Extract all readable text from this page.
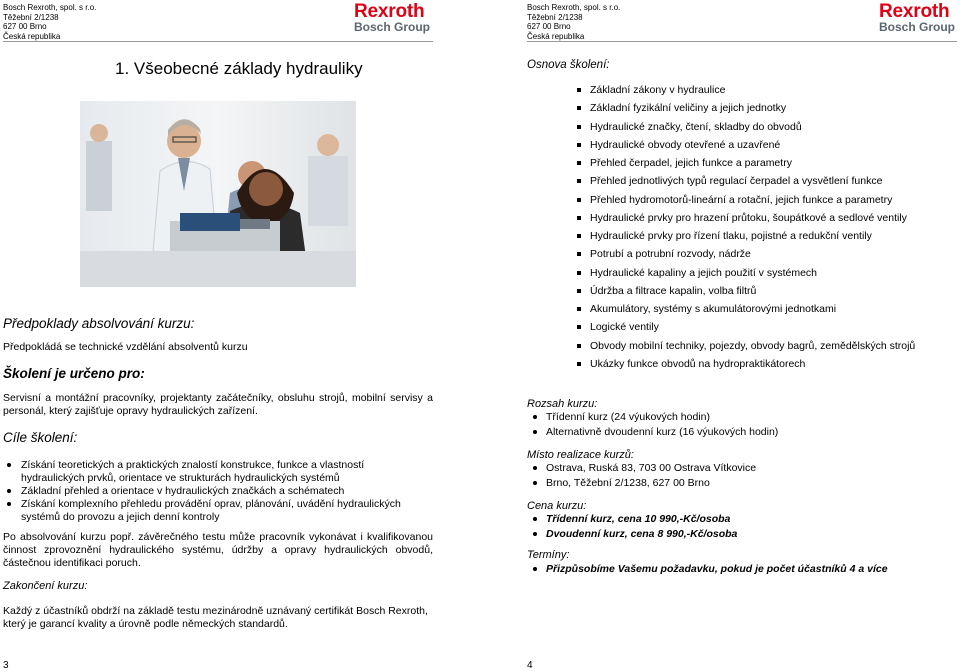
Bosch Rexroth, spol. s r.o.
Těžební 2/1238
627 00 Brno
Česká republika
Rexroth
Bosch Group
1. Všeobecné základy hydrauliky
Předpoklady absolvování kurzu:
Předpokládá se technické vzdělání absolventů kurzu
Školení je určeno pro:
Servisní a montážní pracovníky, projektanty začátečníky, obsluhu strojů, mobilní servisy a personál, který zajišťuje opravy hydraulických zařízení.
Cíle školení:
Získání teoretických a praktických znalostí konstrukce, funkce a vlastností hydraulických prvků, orientace ve strukturách hydraulických systémů
Základní přehled a orientace v hydraulických značkách a schématech
Získání komplexního přehledu provádění oprav, plánování, uvádění hydraulických systémů do provozu a jejich denní kontroly
Po absolvování kurzu popř. závěrečného testu může pracovník vykonávat i kvalifikovanou činnost zprovoznění hydraulického systému, údržby a opravy hydraulických obvodů, částečnou identifikaci poruch.
Zakončení kurzu:
Každý z účastníků obdrží na základě testu mezinárodně uznávaný certifikát Bosch Rexroth, který je garancí kvality a úrovně podle německých standardů.
3
Bosch Rexroth, spol. s r.o.
Těžební 2/1238
627 00 Brno
Česká republika
Rexroth
Bosch Group
Osnova školení:
Základní zákony v hydraulice
Základní fyzikální veličiny a jejich jednotky
Hydraulické značky, čtení, skladby do obvodů
Hydraulické obvody otevřené a uzavřené
Přehled čerpadel, jejich funkce a parametry
Přehled jednotlivých typů regulací čerpadel a vysvětlení funkce
Přehled hydromotorů-lineární a rotační, jejich funkce a parametry
Hydraulické prvky pro hrazení průtoku, šoupátkové a sedlové ventily
Hydraulické prvky pro řízení tlaku, pojistné a redukční ventily
Potrubí a potrubní rozvody, nádrže
Hydraulické kapaliny a jejich použití v systémech
Údržba a filtrace kapalin, volba filtrů
Akumulátory, systémy s akumulátorovými jednotkami
Logické ventily
Obvody mobilní techniky, pojezdy, obvody bagrů, zemědělských strojů
Ukázky funkce obvodů na hydropraktikátorech
Rozsah kurzu:
Třídenní kurz (24 výukových hodin)
Alternativně dvoudenní kurz (16 výukových hodin)
Místo realizace kurzů:
Ostrava, Ruská 83, 703 00 Ostrava Vítkovice
Brno, Těžební 2/1238, 627 00 Brno
Cena kurzu:
Třídenní kurz, cena 10 990,-Kč/osoba
Dvoudenní kurz, cena 8 990,-Kč/osoba
Termíny:
Přizpůsobíme Vašemu požadavku, pokud je počet účastníků 4 a více
4
